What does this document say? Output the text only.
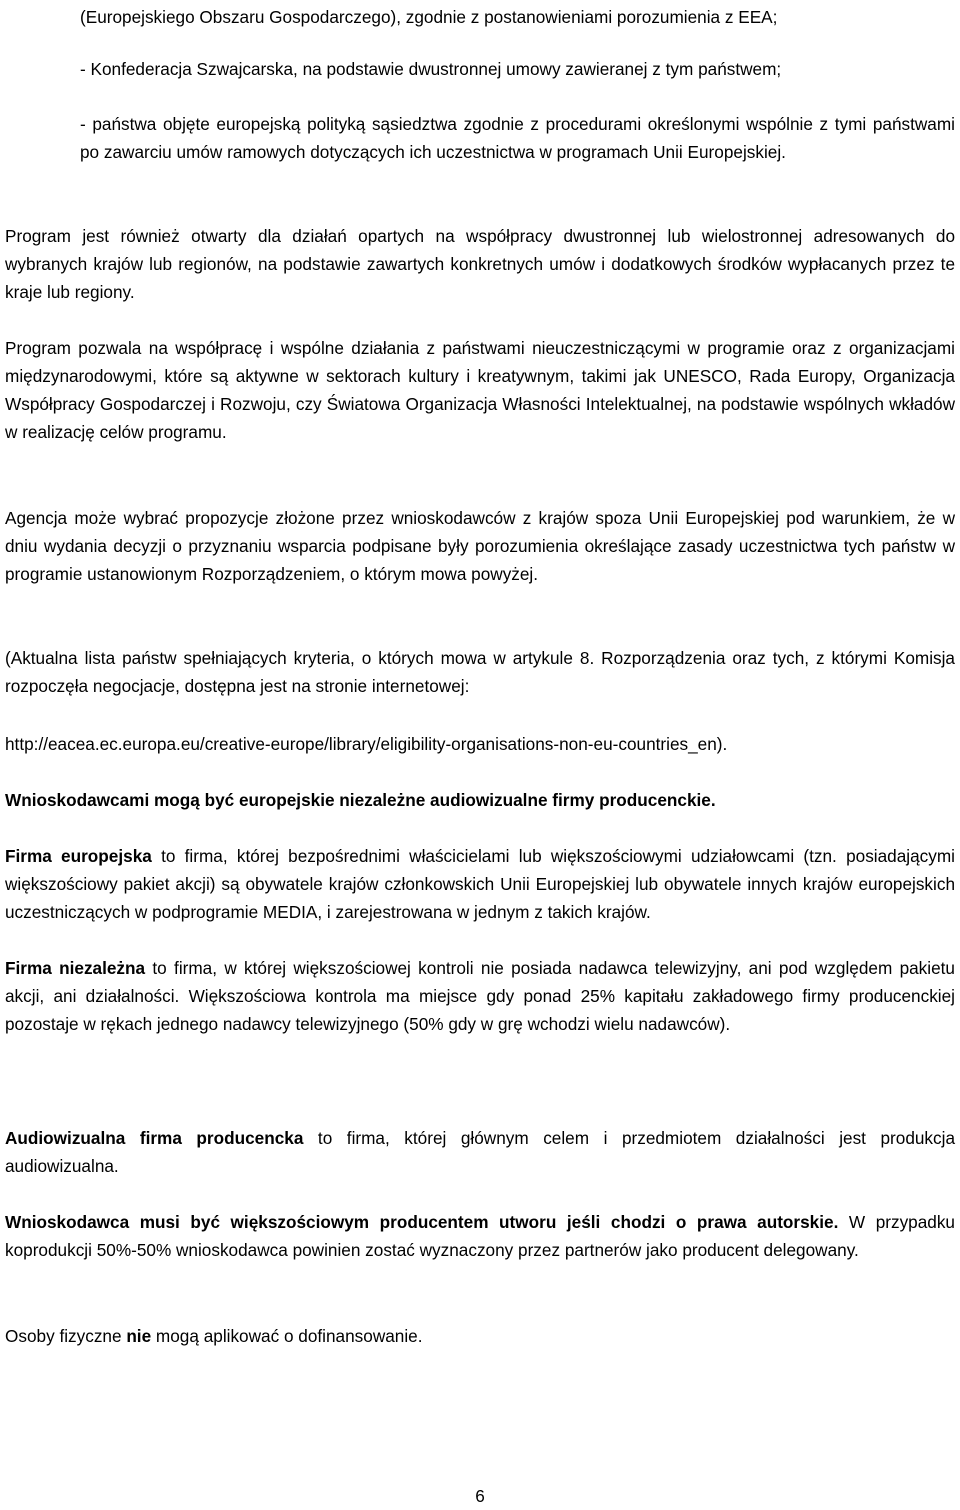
(Europejskiego Obszaru Gospodarczego), zgodnie z postanowieniami porozumienia z EEA;

- Konfederacja Szwajcarska, na podstawie dwustronnej umowy zawieranej z tym państwem;

- państwa objęte europejską polityką sąsiedztwa zgodnie z procedurami określonymi wspólnie z tymi państwami po zawarciu umów ramowych dotyczących ich uczestnictwa w programach Unii Europejskiej.

Program jest również otwarty dla działań opartych na współpracy dwustronnej lub wielostronnej adresowanych do wybranych krajów lub regionów, na podstawie zawartych konkretnych umów i dodatkowych środków wypłacanych przez te kraje lub regiony.

Program pozwala na współpracę i wspólne działania z państwami nieuczestniczącymi w programie oraz z organizacjami międzynarodowymi, które są aktywne w sektorach kultury i kreatywnym, takimi jak UNESCO, Rada Europy, Organizacja Współpracy Gospodarczej i Rozwoju, czy Światowa Organizacja Własności Intelektualnej, na podstawie wspólnych wkładów w realizację celów programu.

Agencja może wybrać propozycje złożone przez wnioskodawców z krajów spoza Unii Europejskiej pod warunkiem, że w dniu wydania decyzji o przyznaniu wsparcia podpisane były porozumienia określające zasady uczestnictwa tych państw w programie ustanowionym Rozporządzeniem, o którym mowa powyżej.

(Aktualna lista państw spełniających kryteria, o których mowa w artykule 8. Rozporządzenia oraz tych, z którymi Komisja rozpoczęła negocjacje, dostępna jest na stronie internetowej:

http://eacea.ec.europa.eu/creative-europe/library/eligibility-organisations-non-eu-countries_en).

Wnioskodawcami mogą być europejskie niezależne audiowizualne firmy producenckie.

Firma europejska to firma, której bezpośrednimi właścicielami lub większościowymi udziałowcami (tzn. posiadającymi większościowy pakiet akcji) są obywatele krajów członkowskich Unii Europejskiej lub obywatele innych krajów europejskich uczestniczących w podprogramie MEDIA, i zarejestrowana w jednym z takich krajów.

Firma niezależna to firma, w której większościowej kontroli nie posiada nadawca telewizyjny, ani pod względem pakietu akcji, ani działalności. Większościowa kontrola ma miejsce gdy ponad 25% kapitału zakładowego firmy producenckiej pozostaje w rękach jednego nadawcy telewizyjnego (50% gdy w grę wchodzi wielu nadawców).

Audiowizualna firma producencka to firma, której głównym celem i przedmiotem działalności jest produkcja audiowizualna.

Wnioskodawca musi być większościowym producentem utworu jeśli chodzi o prawa autorskie. W przypadku koprodukcji 50%-50% wnioskodawca powinien zostać wyznaczony przez partnerów jako producent delegowany.

Osoby fizyczne nie mogą aplikować o dofinansowanie.

6
